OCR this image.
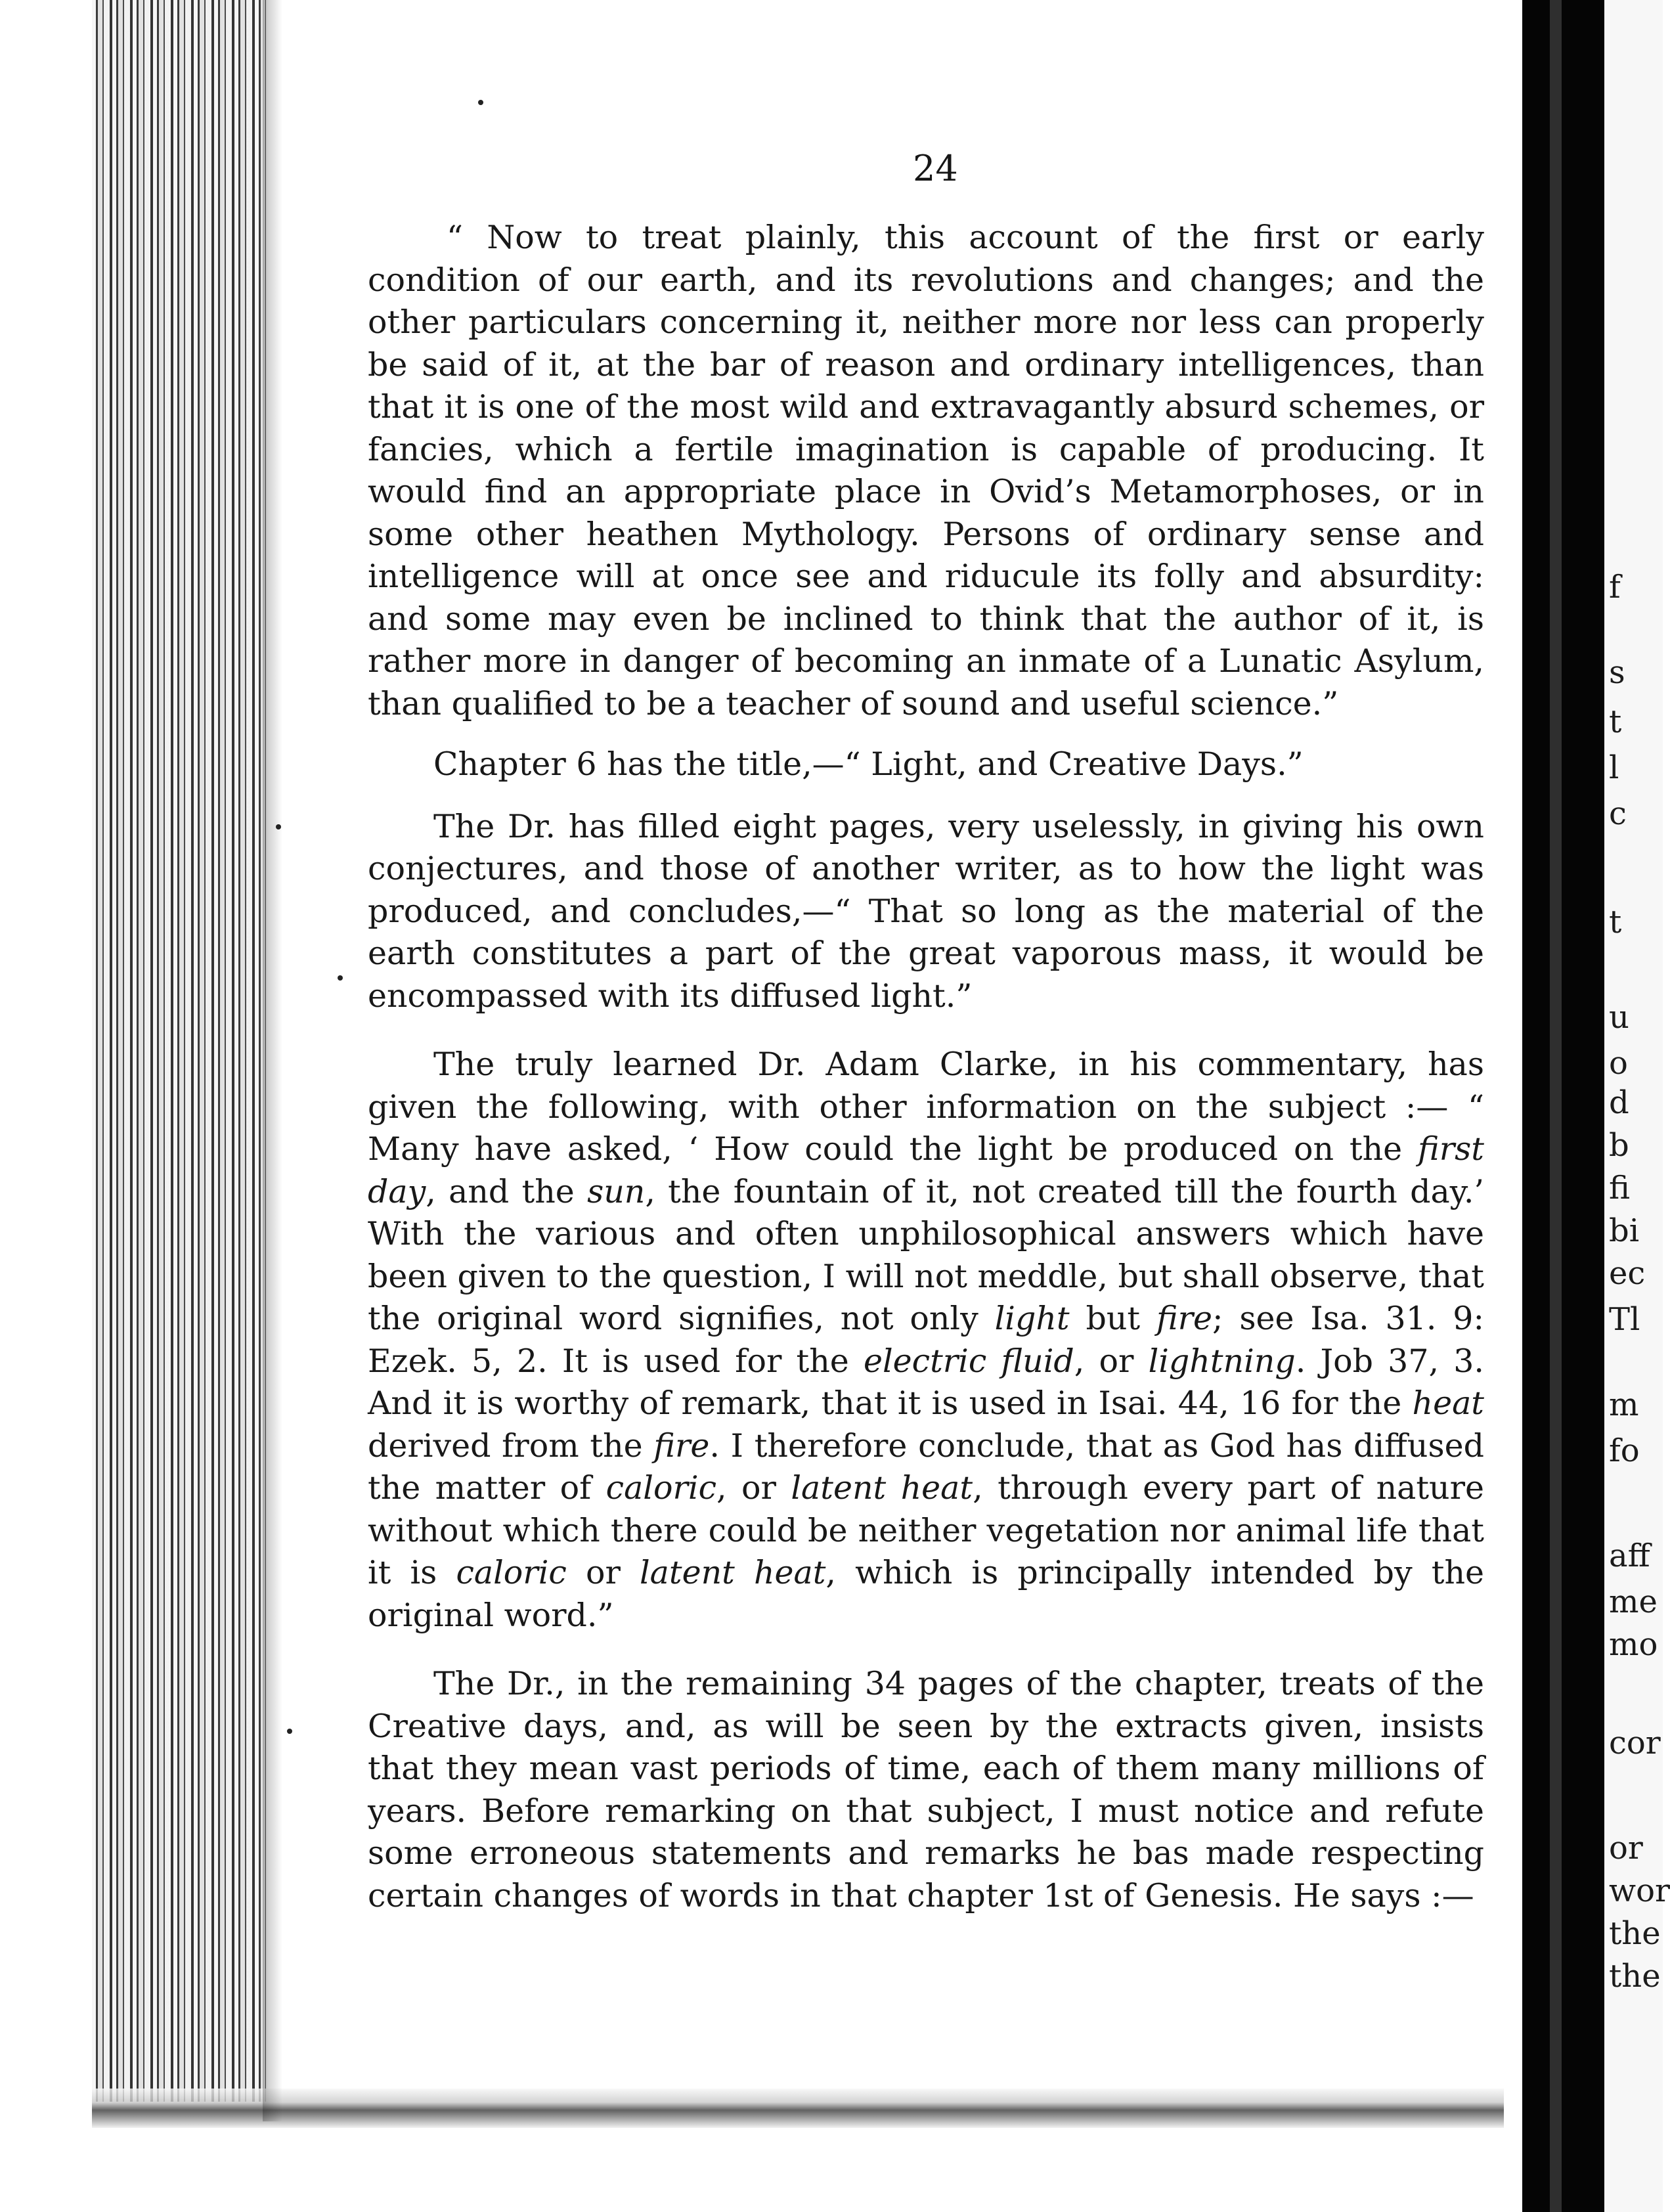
f

s

t

l

c

t

u

o

d

b

fi

bi

ec

Tl

m

fo

aff

me

mo

cor

or

wor

the

the

24

“ Now to treat plainly, this account of the first or early condition of our earth, and its revolutions and changes; and the other particulars concerning it, neither more nor less can properly be said of it, at the bar of reason and ordinary intelligences, than that it is one of the most wild and extravagantly absurd schemes, or fancies, which a fertile imagination is capable of producing. It would find an appropriate place in Ovid’s Metamorphoses, or in some other heathen Mythology. Persons of ordinary sense and intelligence will at once see and riducule its folly and absurdity: and some may even be inclined to think that the author of it, is rather more in danger of becoming an inmate of a Lunatic Asylum, than qualified to be a teacher of sound and useful science.”

Chapter 6 has the title,—“ Light, and Creative Days.”

The Dr. has filled eight pages, very uselessly, in giving his own conjectures, and those of another writer, as to how the light was produced, and concludes,—“ That so long as the material of the earth constitutes a part of the great vaporous mass, it would be encompassed with its diffused light.”

The truly learned Dr. Adam Clarke, in his commentary, has given the following, with other information on the subject :— “ Many have asked, ‘ How could the light be produced on the first day, and the sun, the fountain of it, not created till the fourth day.’ With the various and often unphilosophical answers which have been given to the question, I will not meddle, but shall observe, that the original word signifies, not only light but fire; see Isa. 31. 9: Ezek. 5, 2. It is used for the electric fluid, or lightning. Job 37, 3. And it is worthy of remark, that it is used in Isai. 44, 16 for the heat derived from the fire. I therefore conclude, that as God has diffused the matter of caloric, or latent heat, through every part of nature without which there could be neither vegetation nor animal life that it is caloric or latent heat, which is principally intended by the original word.”

The Dr., in the remaining 34 pages of the chapter, treats of the Creative days, and, as will be seen by the extracts given, insists that they mean vast periods of time, each of them many millions of years. Before remarking on that subject, I must notice and refute some erroneous statements and remarks he bas made respecting certain changes of words in that chapter 1st of Genesis. He says :—
